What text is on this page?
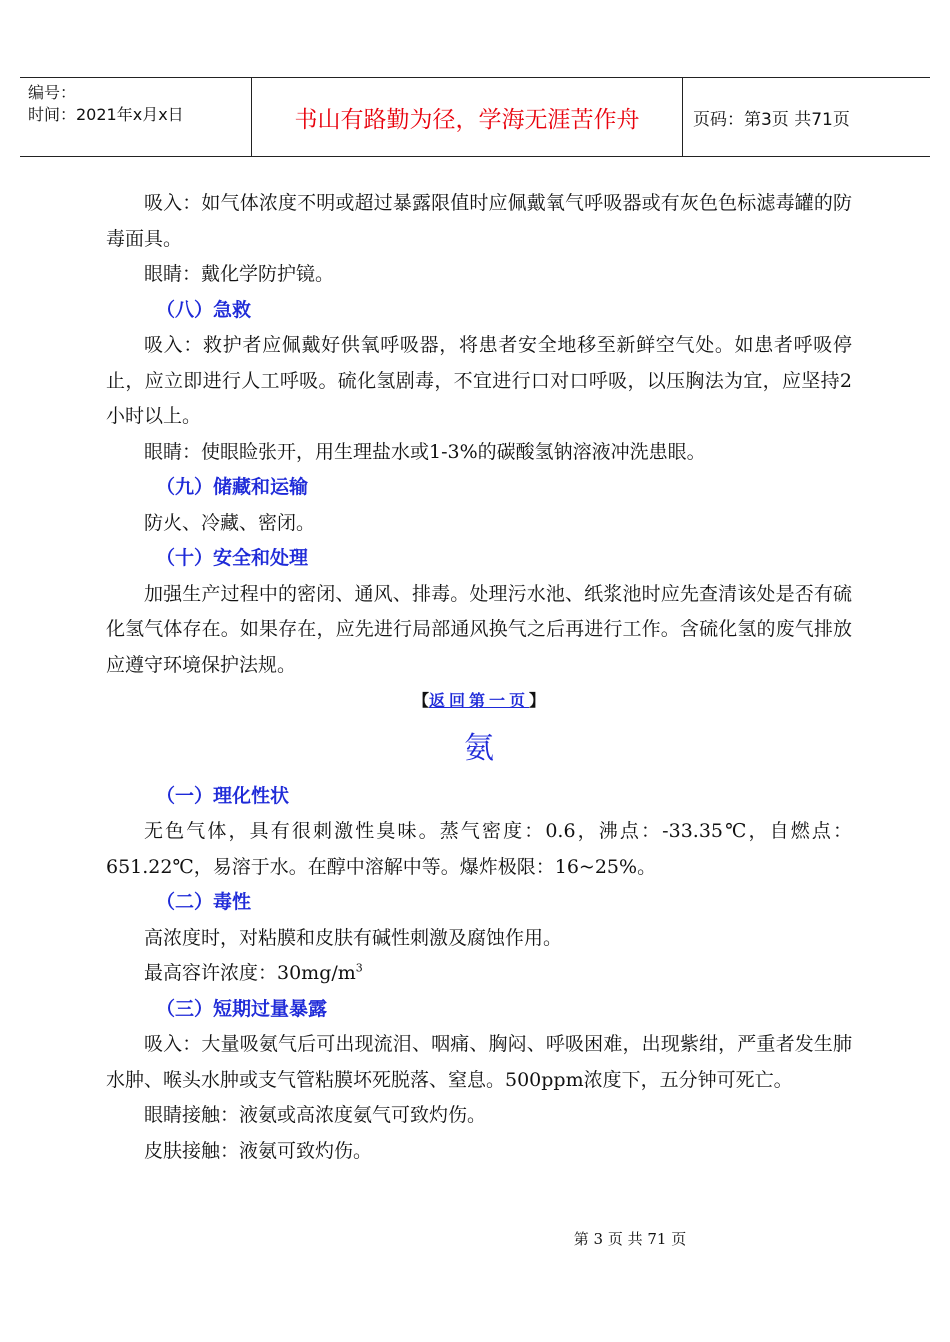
编号：
时间：2021年x月x日	书山有路勤为径，学海无涯苦作舟	页码：第3页 共71页

吸入：如气体浓度不明或超过暴露限值时应佩戴氧气呼吸器或有灰色色标滤毒罐的防毒面具。

眼睛：戴化学防护镜。

（八）急救

吸入：救护者应佩戴好供氧呼吸器，将患者安全地移至新鲜空气处。如患者呼吸停止，应立即进行人工呼吸。硫化氢剧毒，不宜进行口对口呼吸，以压胸法为宜，应坚持2小时以上。

眼睛：使眼睑张开，用生理盐水或1-3%的碳酸氢钠溶液冲洗患眼。

（九）储藏和运输

防火、冷藏、密闭。

（十）安全和处理

加强生产过程中的密闭、通风、排毒。处理污水池、纸浆池时应先查清该处是否有硫化氢气体存在。如果存在，应先进行局部通风换气之后再进行工作。含硫化氢的废气排放应遵守环境保护法规。

【返回第一页】

氨

（一）理化性状

无色气体，具有很刺激性臭味。蒸气密度：0.6，沸点：-33.35℃，自燃点：651.22℃，易溶于水。在醇中溶解中等。爆炸极限：16~25%。

（二）毒性

高浓度时，对粘膜和皮肤有碱性刺激及腐蚀作用。

最高容许浓度：$30mg/m^3$

（三）短期过量暴露

吸入：大量吸氨气后可出现流泪、咽痛、胸闷、呼吸困难，出现紫绀，严重者发生肺水肿、喉头水肿或支气管粘膜坏死脱落、窒息。500ppm浓度下，五分钟可死亡。

眼睛接触：液氨或高浓度氨气可致灼伤。

皮肤接触：液氨可致灼伤。

第 3 页 共 71 页
